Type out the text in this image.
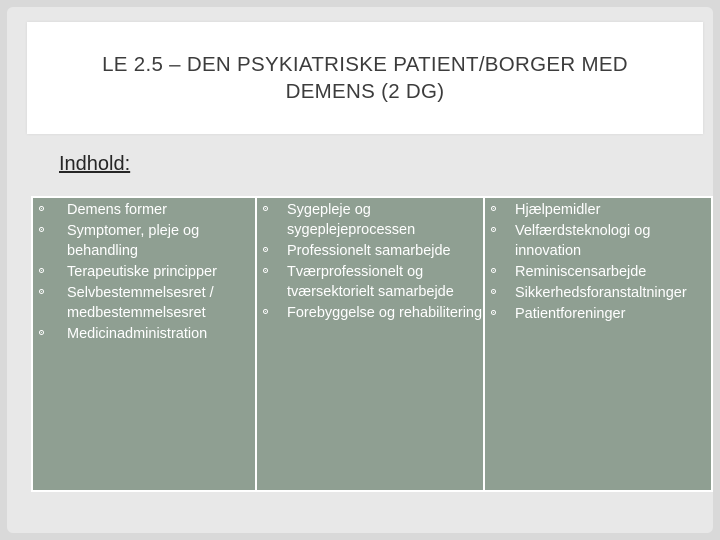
LE 2.5 – DEN PSYKIATRISKE PATIENT/BORGER MED DEMENS (2 DG)
Indhold:
Demens former
Symptomer, pleje og behandling
Terapeutiske principper
Selvbestemmelsesret / medbestemmelsesret
Medicinadministration
Sygepleje og sygeplejeprocessen
Professionelt samarbejde
Tværprofessionelt og tværsektorielt samarbejde
Forebyggelse og rehabilitering
Hjælpemidler
Velfærdsteknologi og innovation
Reminiscensarbejde
Sikkerhedsforanstaltninger
Patientforeninger
